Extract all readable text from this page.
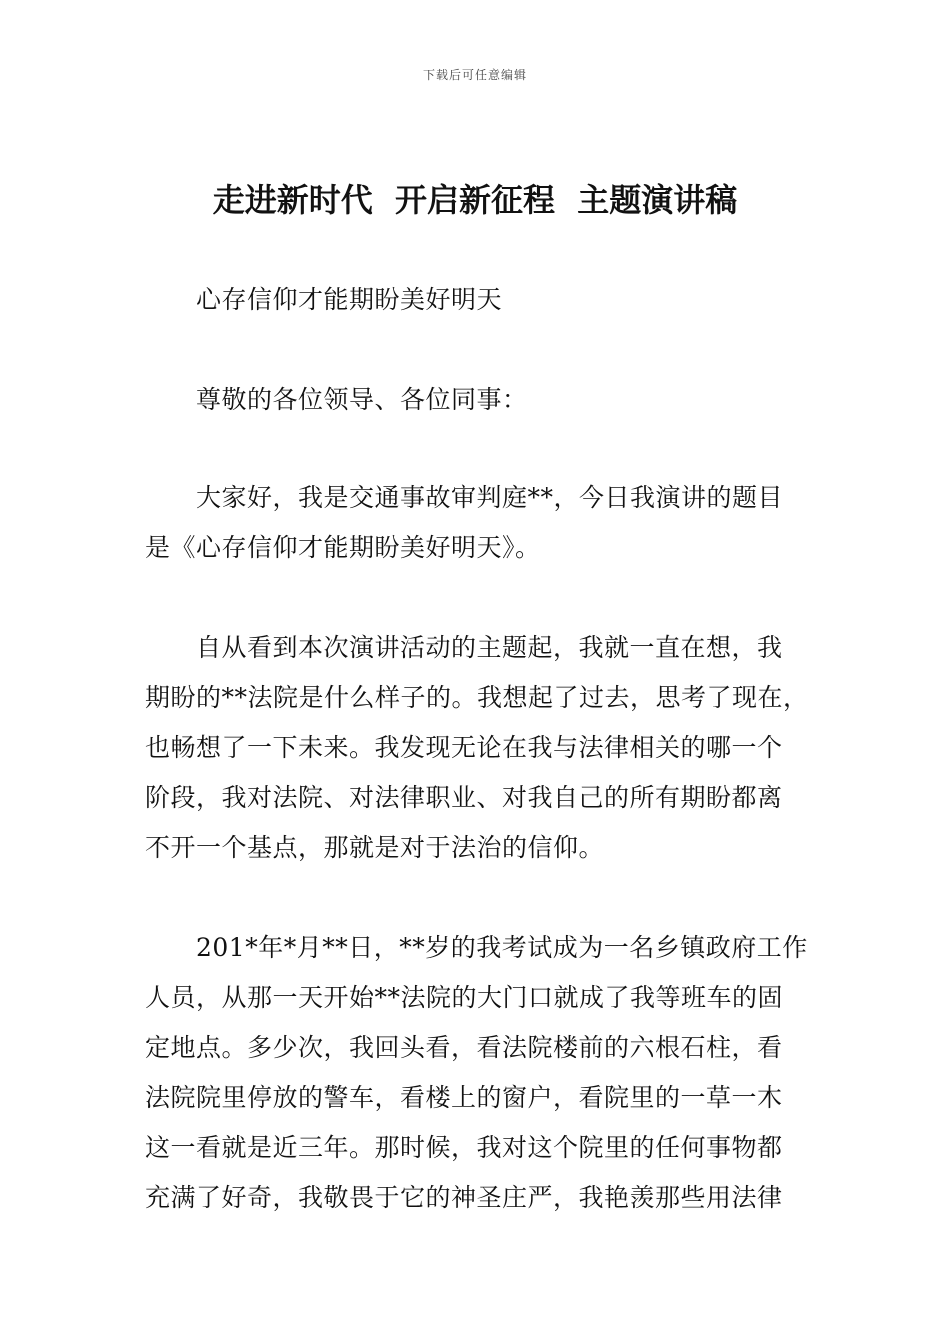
下载后可任意编辑
走进新时代  开启新征程  主题演讲稿
心存信仰才能期盼美好明天
尊敬的各位领导、各位同事：
大家好，我是交通事故审判庭**，今日我演讲的题目
是《心存信仰才能期盼美好明天》。
自从看到本次演讲活动的主题起，我就一直在想，我
期盼的**法院是什么样子的。我想起了过去，思考了现在，
也畅想了一下未来。我发现无论在我与法律相关的哪一个
阶段，我对法院、对法律职业、对我自己的所有期盼都离
不开一个基点，那就是对于法治的信仰。
201*年*月**日，**岁的我考试成为一名乡镇政府工作
人员，从那一天开始**法院的大门口就成了我等班车的固
定地点。多少次，我回头看，看法院楼前的六根石柱，看
法院院里停放的警车，看楼上的窗户，看院里的一草一木
这一看就是近三年。那时候，我对这个院里的任何事物都
充满了好奇，我敬畏于它的神圣庄严，我艳羡那些用法律
